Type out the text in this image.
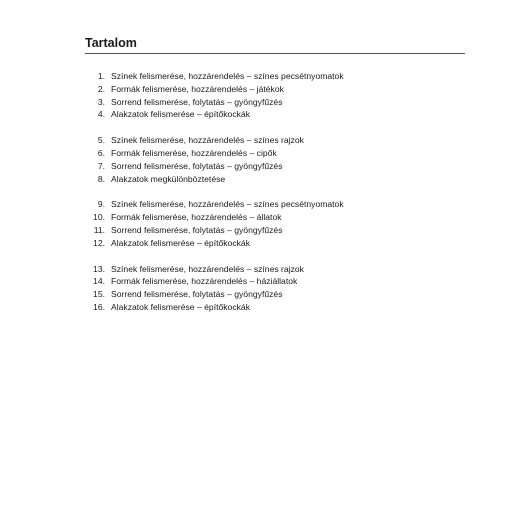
Tartalom
1. Színek felismerése, hozzárendelés – színes pecsétnyomatok
2. Formák felismerése, hozzárendelés – játékok
3. Sorrend felismerése, folytatás – gyöngyfűzés
4. Alakzatok felismerése – építőkockák
5. Színek felismerése, hozzárendelés – színes rajzok
6. Formák felismerése, hozzárendelés – cipők
7. Sorrend felismerése, folytatás – gyöngyfűzés
8. Alakzatok megkülönböztetése
9. Színek felismerése, hozzárendelés – színes pecsétnyomatok
10. Formák felismerése, hozzárendelés – állatok
11. Sorrend felismerése, folytatás – gyöngyfűzés
12. Alakzatok felismerése – építőkockák
13. Színek felismerése, hozzárendelés – színes rajzok
14. Formák felismerése, hozzárendelés – háziállatok
15. Sorrend felismerése, folytatás – gyöngyfűzés
16. Alakzatok felismerése – építőkockák
